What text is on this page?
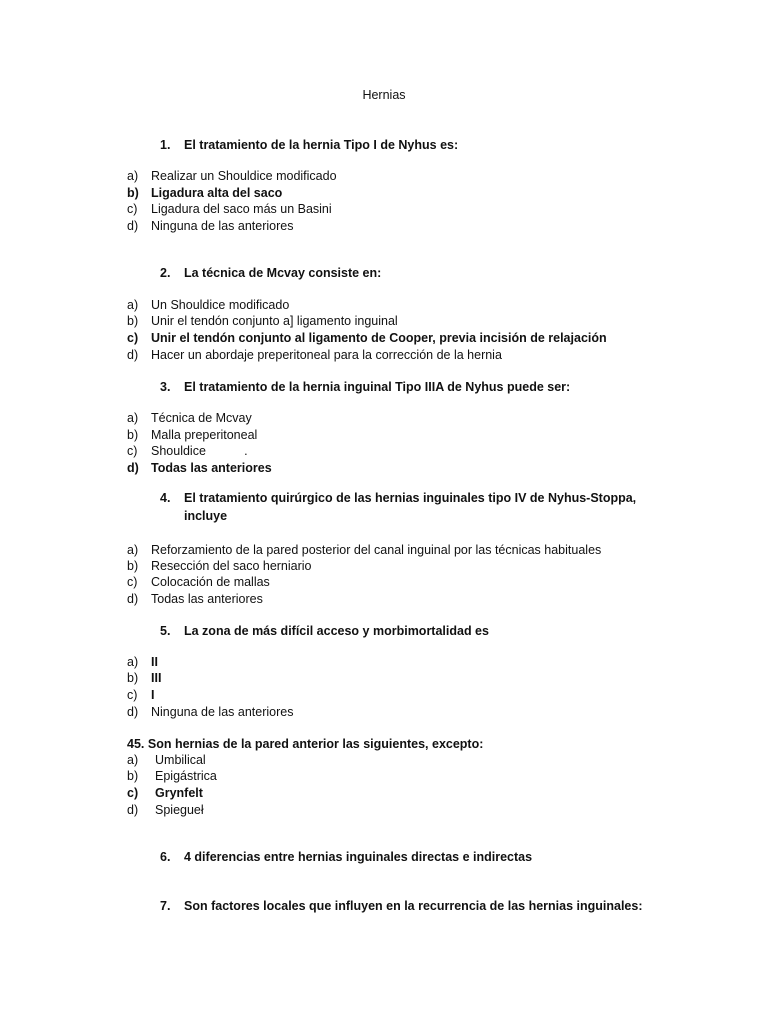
Hernias
1. El tratamiento de la hernia Tipo I de Nyhus es:
a) Realizar un Shouldice modificado
b) Ligadura alta del saco
c) Ligadura del saco más un Basini
d) Ninguna de las anteriores
2. La técnica de Mcvay consiste en:
a) Un Shouldice modificado
b) Unir el tendón conjunto a] ligamento inguinal
c) Unir el tendón conjunto al ligamento de Cooper, previa incisión de relajación
d) Hacer un abordaje preperitoneal para la corrección de la hernia
3. El tratamiento de la hernia inguinal Tipo IIIA de Nyhus puede ser:
a) Técnica de Mcvay
b) Malla preperitoneal
c) Shouldice           .
d) Todas las anteriores
4. El tratamiento quirúrgico de las hernias inguinales tipo IV de Nyhus-Stoppa,
incluye
a) Reforzamiento de la pared posterior del canal inguinal por las técnicas habituales
b) Resección del saco herniario
c) Colocación de mallas
d) Todas las anteriores
5. La zona de más difícil acceso y morbimortalidad es
a) II
b) III
c) I
d) Ninguna de las anteriores
45. Son hernias de la pared anterior las siguientes, excepto:
a) Umbilical
b) Epigástrica
c) Grynfelt
d) Spiegueł
6. 4 diferencias entre hernias inguinales directas e indirectas
7. Son factores locales que influyen en la recurrencia de las hernias inguinales:
